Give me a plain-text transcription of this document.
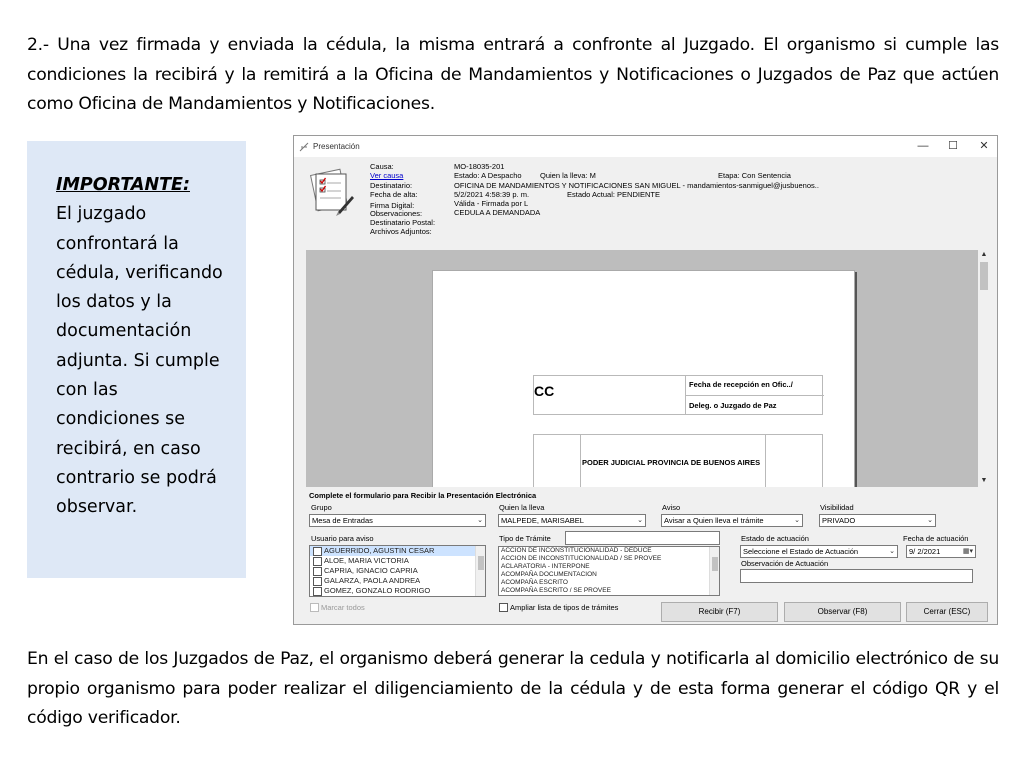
2.- Una vez firmada y enviada la cédula, la misma entrará a confronte al Juzgado. El organismo si cumple las condiciones la recibirá y la remitirá a la Oficina de Mandamientos y Notificaciones o Juzgados de Paz que actúen como Oficina de Mandamientos y Notificaciones.

IMPORTANTE:
El juzgado confrontará la cédula, verificando los datos y la documentación adjunta. Si cumple con las condiciones se recibirá, en caso contrario se podrá observar.
Presentación	—	☐	✕
Causa:	MO-18035-201
Ver causa	Estado: A Despacho Quien la lleva: M	Etapa: Con Sentencia
Destinatario:	OFICINA DE MANDAMIENTOS Y NOTIFICACIONES SAN MIGUEL - mandamientos-sanmiguel@jusbuenos..
Fecha de alta:	5/2/2021 4:58:39 p. m.	Estado Actual: PENDIENTE
Firma Digital:	Válida - Firmada por L
Observaciones:	CEDULA A DEMANDADA
Destinatario Postal:
Archivos Adjuntos:
CC	Fecha de recepción en Ofic../
Deleg. o Juzgado de Paz
PODER JUDICIAL PROVINCIA DE BUENOS AIRES
▲
▼
Complete el formulario para Recibir la Presentación Electrónica
Grupo
Mesa de Entradas	⌄
Quien la lleva
MALPEDE, MARISABEL	⌄
Aviso
Avisar a Quien lleva el trámite	⌄
Visibilidad
PRIVADO	⌄
Usuario para aviso
AGUERRIDO, AGUSTIN CESAR
ALOE, MARIA VICTORIA
CAPRIA, IGNACIO CAPRIA
GALARZA, PAOLA ANDREA
GOMEZ, GONZALO RODRIGO
Marcar todos
Tipo de Trámite
ACCION DE INCONSTITUCIONALIDAD - DEDUCE
ACCION DE INCONSTITUCIONALIDAD / SE PROVEE
ACLARATORIA - INTERPONE
ACOMPAÑA DOCUMENTACION
ACOMPAÑA ESCRITO
ACOMPAÑA ESCRITO / SE PROVEE
Ampliar lista de tipos de trámites
Estado de actuación
Seleccione el Estado de Actuación	⌄
Fecha de actuación
9/ 2/2021	▦▾
Observación de Actuación
Recibir (F7)	Observar (F8)	Cerrar (ESC)

En el caso de los Juzgados de Paz, el organismo deberá generar la cedula y notificarla al domicilio electrónico de su propio organismo para poder realizar el diligenciamiento de la cédula y de esta forma generar el código QR y el código verificador.
